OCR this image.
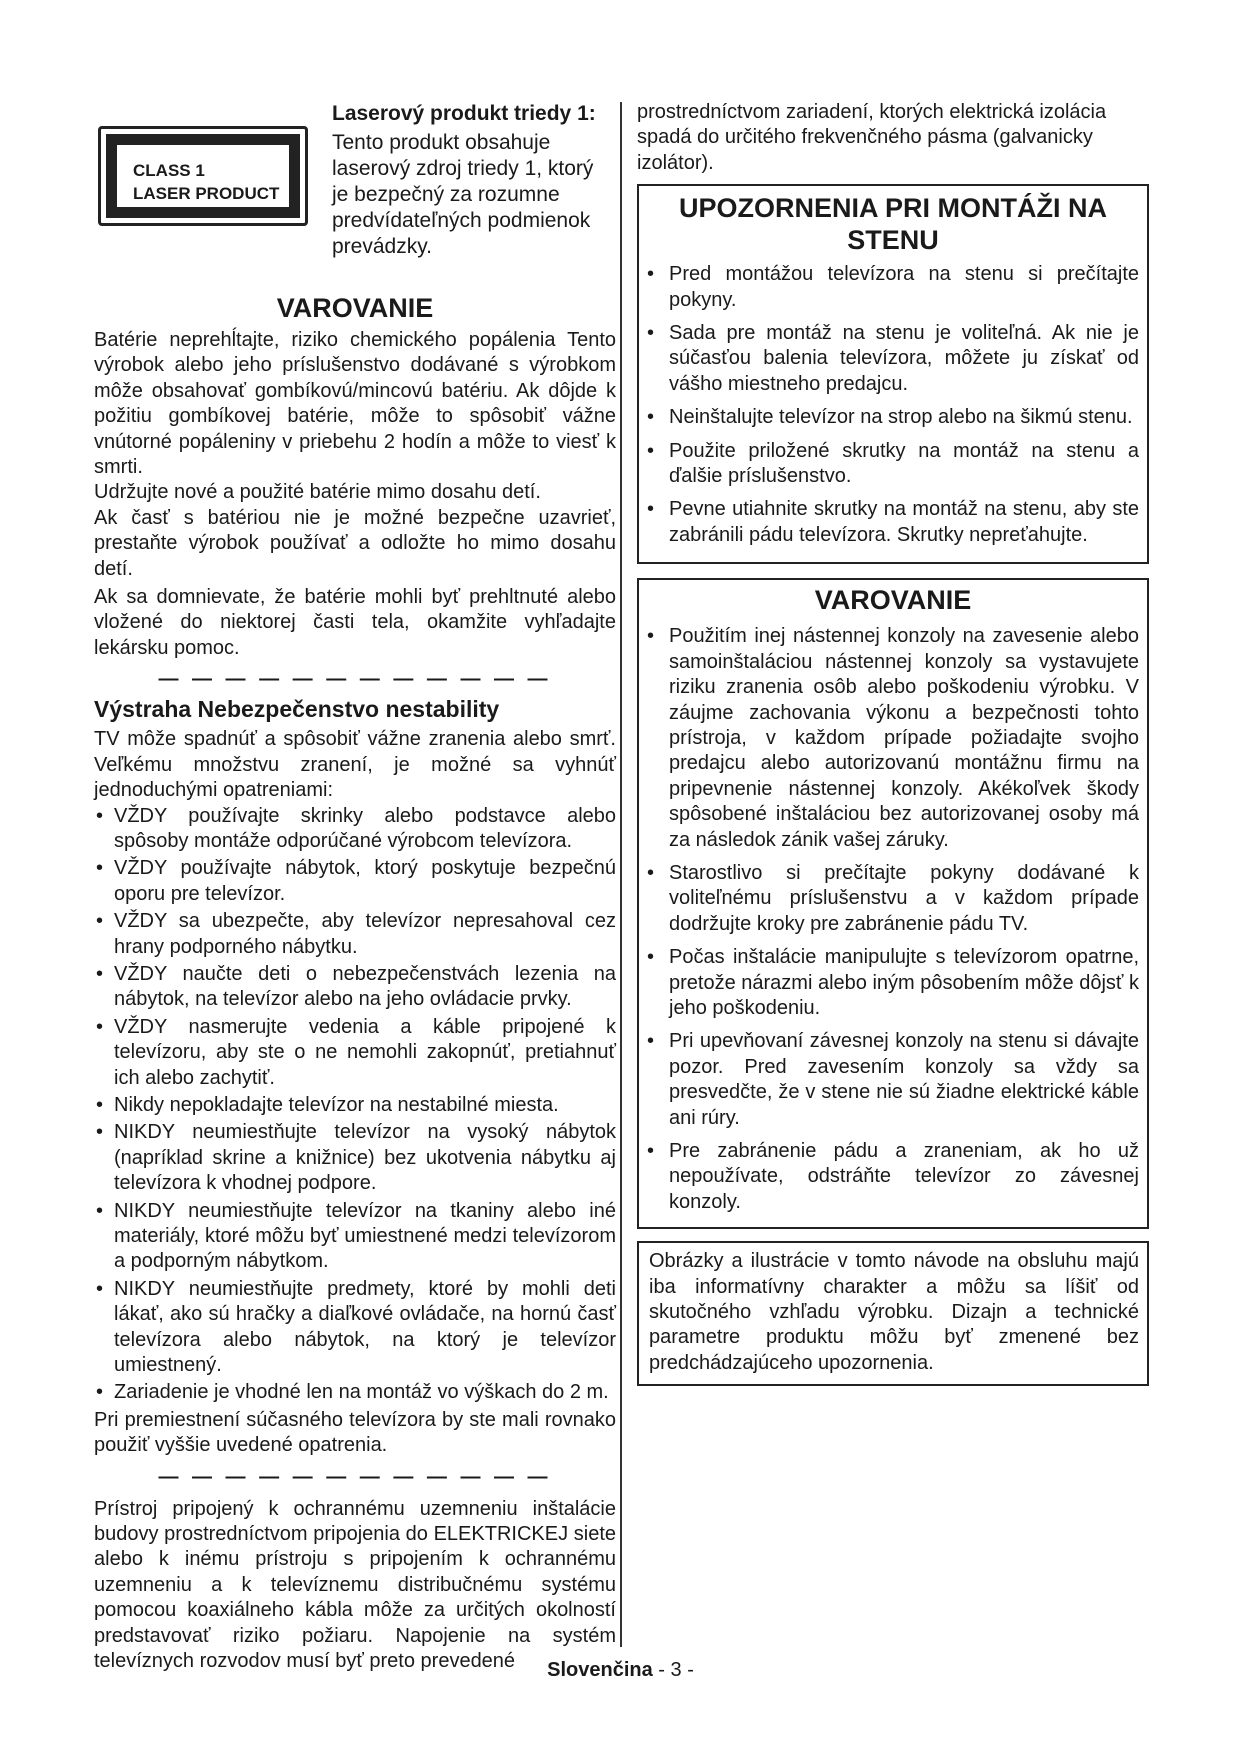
CLASS 1
LASER PRODUCT
Laserový produkt triedy 1:

Tento produkt obsahuje laserový zdroj triedy 1, ktorý je bezpečný za rozumne predvídateľných podmienok prevádzky.

VAROVANIE

Batérie neprehĺtajte, riziko chemického popálenia Tento výrobok alebo jeho príslušenstvo dodávané s výrobkom môže obsahovať gombíkovú/mincovú batériu. Ak dôjde k požitiu gombíkovej batérie, môže to spôsobiť vážne vnútorné popáleniny v priebehu 2 hodín a môže to viesť k smrti.

Udržujte nové a použité batérie mimo dosahu detí.

Ak časť s batériou nie je možné bezpečne uzavrieť, prestaňte výrobok používať a odložte ho mimo dosahu detí.

Ak sa domnievate, že batérie mohli byť prehltnuté alebo vložené do niektorej časti tela, okamžite vyhľadajte lekársku pomoc.

— — — — — — — — — — — —
Výstraha Nebezpečenstvo nestability

TV môže spadnúť a spôsobiť vážne zranenia alebo smrť. Veľkému množstvu zranení, je možné sa vyhnúť jednoduchými opatreniami:

• VŽDY používajte skrinky alebo podstavce alebo spôsoby montáže odporúčané výrobcom televízora.
• VŽDY používajte nábytok, ktorý poskytuje bezpečnú oporu pre televízor.
• VŽDY sa ubezpečte, aby televízor nepresahoval cez hrany podporného nábytku.
• VŽDY naučte deti o nebezpečenstvách lezenia na nábytok, na televízor alebo na jeho ovládacie prvky.
• VŽDY nasmerujte vedenia a káble pripojené k televízoru, aby ste o ne nemohli zakopnúť, pretiahnuť ich alebo zachytiť.
• Nikdy nepokladajte televízor na nestabilné miesta.
• NIKDY neumiestňujte televízor na vysoký nábytok (napríklad skrine a knižnice) bez ukotvenia nábytku aj televízora k vhodnej podpore.
• NIKDY neumiestňujte televízor na tkaniny alebo iné materiály, ktoré môžu byť umiestnené medzi televízorom a podporným nábytkom.
• NIKDY neumiestňujte predmety, ktoré by mohli deti lákať, ako sú hračky a diaľkové ovládače, na hornú časť televízora alebo nábytok, na ktorý je televízor umiestnený.
• Zariadenie je vhodné len na montáž vo výškach do 2 m.

Pri premiestnení súčasného televízora by ste mali rovnako použiť vyššie uvedené opatrenia.

— — — — — — — — — — — —

Prístroj pripojený k ochrannému uzemneniu inštalácie budovy prostredníctvom pripojenia do ELEKTRICKEJ siete alebo k inému prístroju s pripojením k ochrannému uzemneniu a k televíznemu distribučnému systému pomocou koaxiálneho kábla môže za určitých okolností predstavovať riziko požiaru. Napojenie na systém televíznych rozvodov musí byť preto prevedené

prostredníctvom zariadení, ktorých elektrická izolácia spadá do určitého frekvenčného pásma (galvanicky izolátor).

UPOZORNENIA PRI MONTÁŽI NA STENU
• Pred montážou televízora na stenu si prečítajte pokyny.
• Sada pre montáž na stenu je voliteľná. Ak nie je súčasťou balenia televízora, môžete ju získať od vášho miestneho predajcu.
• Neinštalujte televízor na strop alebo na šikmú stenu.
• Použite priložené skrutky na montáž na stenu a ďalšie príslušenstvo.
• Pevne utiahnite skrutky na montáž na stenu, aby ste zabránili pádu televízora. Skrutky nepreťahujte.
VAROVANIE
• Použitím inej nástennej konzoly na zavesenie alebo samoinštaláciou nástennej konzoly sa vystavujete riziku zranenia osôb alebo poškodeniu výrobku. V záujme zachovania výkonu a bezpečnosti tohto prístroja, v každom prípade požiadajte svojho predajcu alebo autorizovanú montážnu firmu na pripevnenie nástennej konzoly. Akékoľvek škody spôsobené inštaláciou bez autorizovanej osoby má za následok zánik vašej záruky.
• Starostlivo si prečítajte pokyny dodávané k voliteľnému príslušenstvu a v každom prípade dodržujte kroky pre zabránenie pádu TV.
• Počas inštalácie manipulujte s televízorom opatrne, pretože nárazmi alebo iným pôsobením môže dôjsť k jeho poškodeniu.
• Pri upevňovaní závesnej konzoly na stenu si dávajte pozor. Pred zavesením konzoly sa vždy sa presvedčte, že v stene nie sú žiadne elektrické káble ani rúry.
• Pre zabránenie pádu a zraneniam, ak ho už nepoužívate, odstráňte televízor zo závesnej konzoly.

Obrázky a ilustrácie v tomto návode na obsluhu majú iba informatívny charakter a môžu sa líšiť od skutočného vzhľadu výrobku. Dizajn a technické parametre produktu môžu byť zmenené bez predchádzajúceho upozornenia.

Slovenčina - 3 -
